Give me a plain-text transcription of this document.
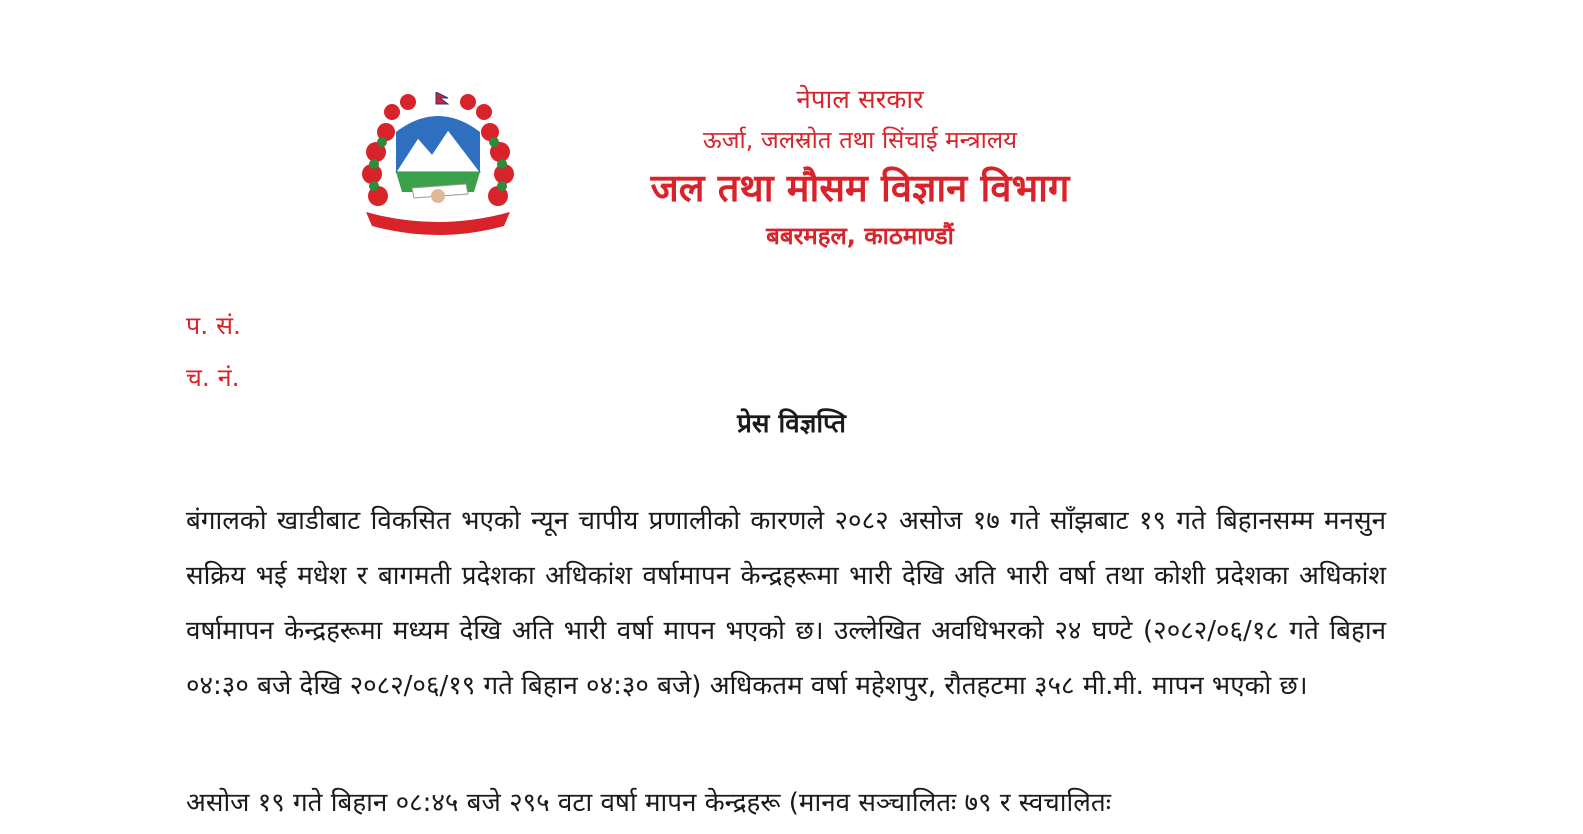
नेपाल सरकार
ऊर्जा, जलस्रोत तथा सिंचाई मन्त्रालय
जल तथा मौसम विज्ञान विभाग
बबरमहल, काठमाण्डौं
प. सं.
च. नं.
प्रेस विज्ञप्ति
बंगालको खाडीबाट विकसित भएको न्यून चापीय प्रणालीको कारणले २०८२ असोज १७ गते साँझबाट १९ गते बिहानसम्म मनसुन सक्रिय भई मधेश र बागमती प्रदेशका अधिकांश वर्षामापन केन्द्रहरूमा भारी देखि अति भारी वर्षा तथा कोशी प्रदेशका अधिकांश वर्षामापन केन्द्रहरूमा मध्यम देखि अति भारी वर्षा मापन भएको छ। उल्लेखित अवधिभरको २४ घण्टे (२०८२/०६/१८ गते बिहान ०४:३० बजे देखि २०८२/०६/१९ गते बिहान ०४:३० बजे) अधिकतम वर्षा महेशपुर, रौतहटमा ३५८ मी.मी. मापन भएको छ।
असोज १९ गते बिहान ०८:४५ बजे २९५ वटा वर्षा मापन केन्द्रहरू (मानव सञ्चालितः ७९ र स्वचालितः
